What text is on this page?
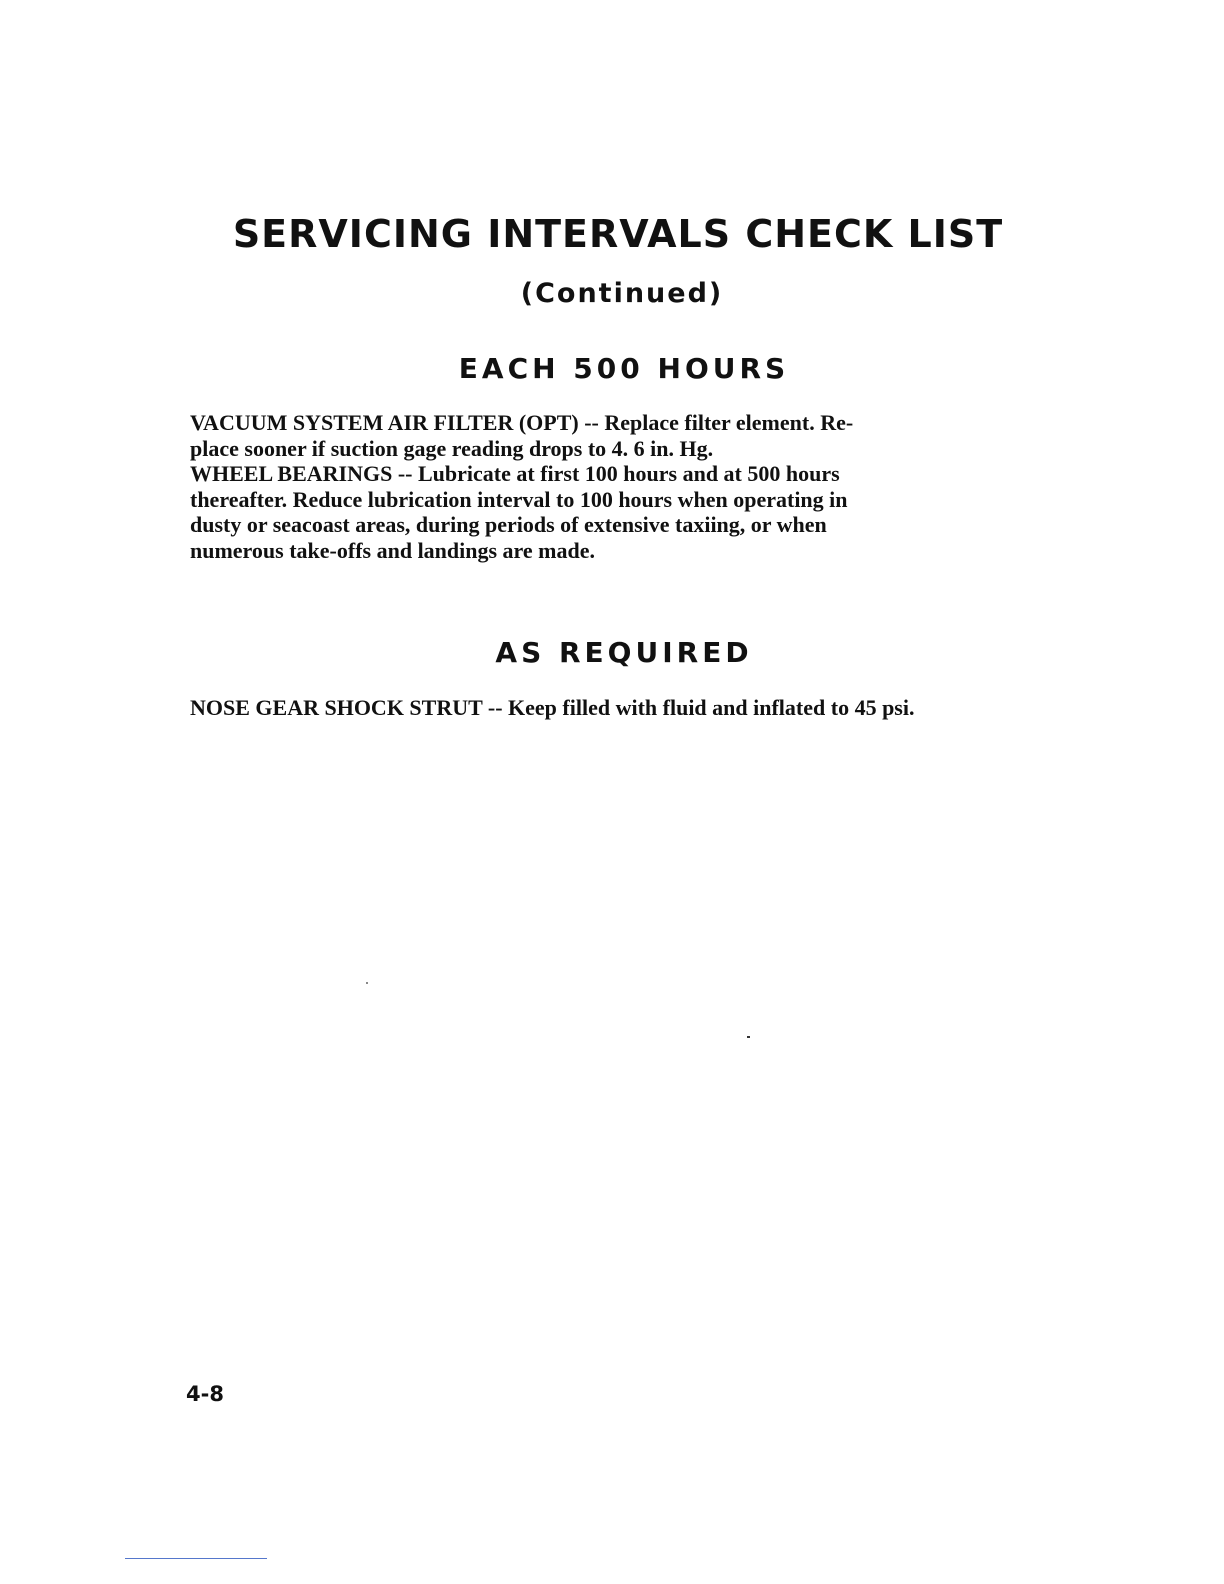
SERVICING INTERVALS CHECK LIST
(Continued)
EACH 500 HOURS
VACUUM SYSTEM AIR FILTER (OPT) -- Replace filter element. Re-
place sooner if suction gage reading drops to 4. 6 in. Hg.
WHEEL BEARINGS -- Lubricate at first 100 hours and at 500 hours
thereafter. Reduce lubrication interval to 100 hours when operating in
dusty or seacoast areas, during periods of extensive taxiing, or when
numerous take-offs and landings are made.
AS REQUIRED
NOSE GEAR SHOCK STRUT -- Keep filled with fluid and inflated to 45 psi.
4-8
